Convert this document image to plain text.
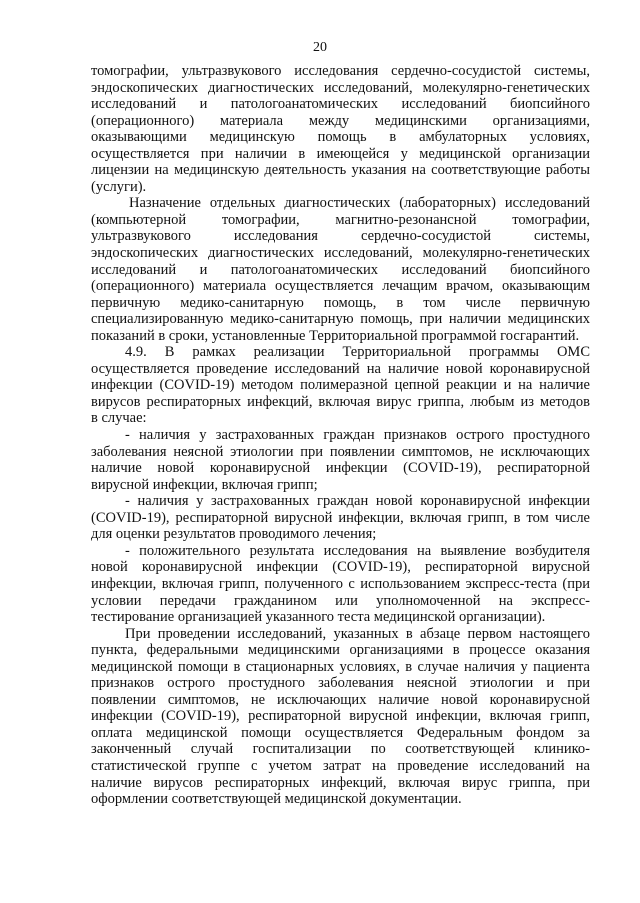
20
томографии, ультразвукового исследования сердечно-сосудистой системы,
эндоскопических диагностических исследований, молекулярно-генетических
исследований и патологоанатомических исследований биопсийного
(операционного) материала между медицинскими организациями,
оказывающими медицинскую помощь в амбулаторных условиях,
осуществляется при наличии в имеющейся у медицинской организации
лицензии на медицинскую деятельность указания на соответствующие работы
(услуги).
Назначение отдельных диагностических (лабораторных) исследований
(компьютерной томографии, магнитно-резонансной томографии,
ультразвукового исследования сердечно-сосудистой системы,
эндоскопических диагностических исследований, молекулярно-генетических
исследований и патологоанатомических исследований биопсийного
(операционного) материала осуществляется лечащим врачом, оказывающим
первичную медико-санитарную помощь, в том числе первичную
специализированную медико-санитарную помощь, при наличии медицинских
показаний в сроки, установленные Территориальной программой госгарантий.
4.9. В рамках реализации Территориальной программы ОМС
осуществляется проведение исследований на наличие новой коронавирусной
инфекции (COVID-19) методом полимеразной цепной реакции и на наличие
вирусов респираторных инфекций, включая вирус гриппа, любым из методов
в случае:
- наличия у застрахованных граждан признаков острого простудного
заболевания неясной этиологии при появлении симптомов, не исключающих
наличие новой коронавирусной инфекции (COVID-19), респираторной
вирусной инфекции, включая грипп;
- наличия у застрахованных граждан новой коронавирусной инфекции
(COVID-19), респираторной вирусной инфекции, включая грипп, в том числе
для оценки результатов проводимого лечения;
- положительного результата исследования на выявление возбудителя
новой коронавирусной инфекции (COVID-19), респираторной вирусной
инфекции, включая грипп, полученного с использованием экспресс-теста (при
условии передачи гражданином или уполномоченной на экспресс-
тестирование организацией указанного теста медицинской организации).
При проведении исследований, указанных в абзаце первом настоящего
пункта, федеральными медицинскими организациями в процессе оказания
медицинской помощи в стационарных условиях, в случае наличия у пациента
признаков острого простудного заболевания неясной этиологии и при
появлении симптомов, не исключающих наличие новой коронавирусной
инфекции (COVID-19), респираторной вирусной инфекции, включая грипп,
оплата медицинской помощи осуществляется Федеральным фондом за
законченный случай госпитализации по соответствующей клинико-
статистической группе с учетом затрат на проведение исследований на
наличие вирусов респираторных инфекций, включая вирус гриппа, при
оформлении соответствующей медицинской документации.
